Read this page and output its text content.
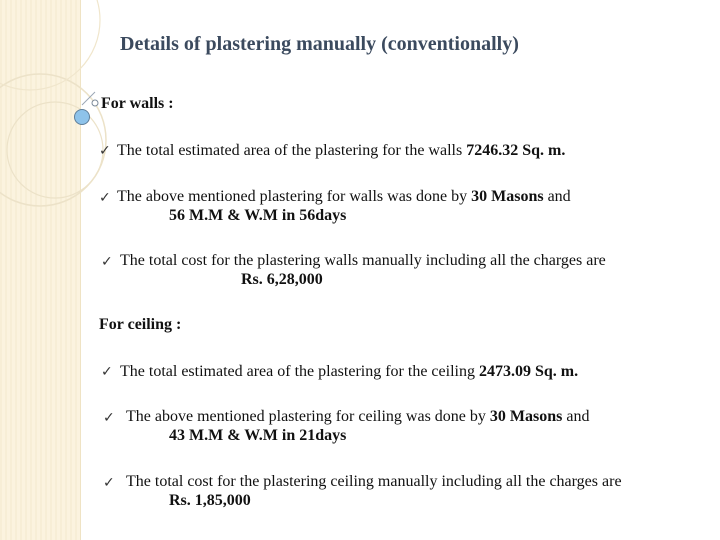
Details of plastering manually (conventionally)
For walls :
✓ The total estimated area of the plastering for the walls 7246.32 Sq. m.
✓ The above mentioned plastering for walls was done by 30 Masons and
56 M.M & W.M in 56days
✓ The total cost for the plastering walls manually including all the charges are
Rs. 6,28,000
For ceiling :
✓ The total estimated area of the plastering for the ceiling 2473.09 Sq. m.
✓ The above mentioned plastering for ceiling was done by 30 Masons and
43 M.M & W.M in 21days
✓ The total cost for the plastering ceiling manually including all the charges are
Rs. 1,85,000
